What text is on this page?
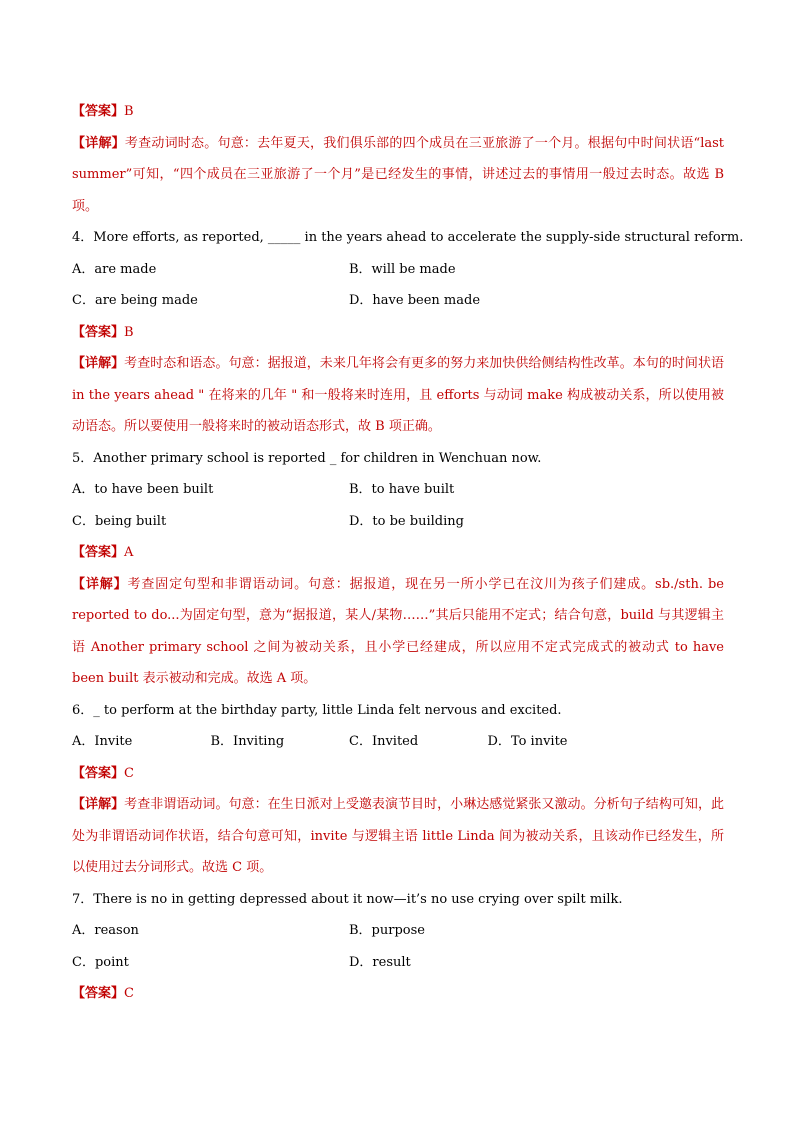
【答案】B
【详解】考查动词时态。句意：去年夏天，我们俱乐部的四个成员在三亚旅游了一个月。根据句中时间状语“last summer”可知，“四个成员在三亚旅游了一个月”是已经发生的事情，讲述过去的事情用一般过去时态。故选 B 项。
4．More efforts, as reported, _____ in the years ahead to accelerate the supply-side structural reform.
A．are made	B．will be made
C．are being made	D．have been made
【答案】B
【详解】考查时态和语态。句意：据报道，未来几年将会有更多的努力来加快供给侧结构性改革。本句的时间状语 in the years ahead " 在将来的几年 " 和一般将来时连用，且 efforts 与动词 make 构成被动关系，所以使用被动语态。所以要使用一般将来时的被动语态形式，故 B 项正确。
5．Another primary school is reported _ for children in Wenchuan now.
A．to have been built	B．to have built
C．being built	D．to be building
【答案】A
【详解】考查固定句型和非谓语动词。句意：据报道，现在另一所小学已在汶川为孩子们建成。sb./sth. be reported to do...为固定句型，意为“据报道，某人/某物……”其后只能用不定式；结合句意，build 与其逻辑主语 Another primary school 之间为被动关系，且小学已经建成，所以应用不定式完成式的被动式 to have been built 表示被动和完成。故选 A 项。
6．_ to perform at the birthday party, little Linda felt nervous and excited.
A．Invite	B．Inviting	C．Invited	D．To invite
【答案】C
【详解】考查非谓语动词。句意：在生日派对上受邀表演节目时，小琳达感觉紧张又激动。分析句子结构可知，此处为非谓语动词作状语，结合句意可知，invite 与逻辑主语 little Linda 间为被动关系，且该动作已经发生，所以使用过去分词形式。故选 C 项。
7．There is no in getting depressed about it now—it’s no use crying over spilt milk.
A．reason	B．purpose
C．point	D．result
【答案】C
